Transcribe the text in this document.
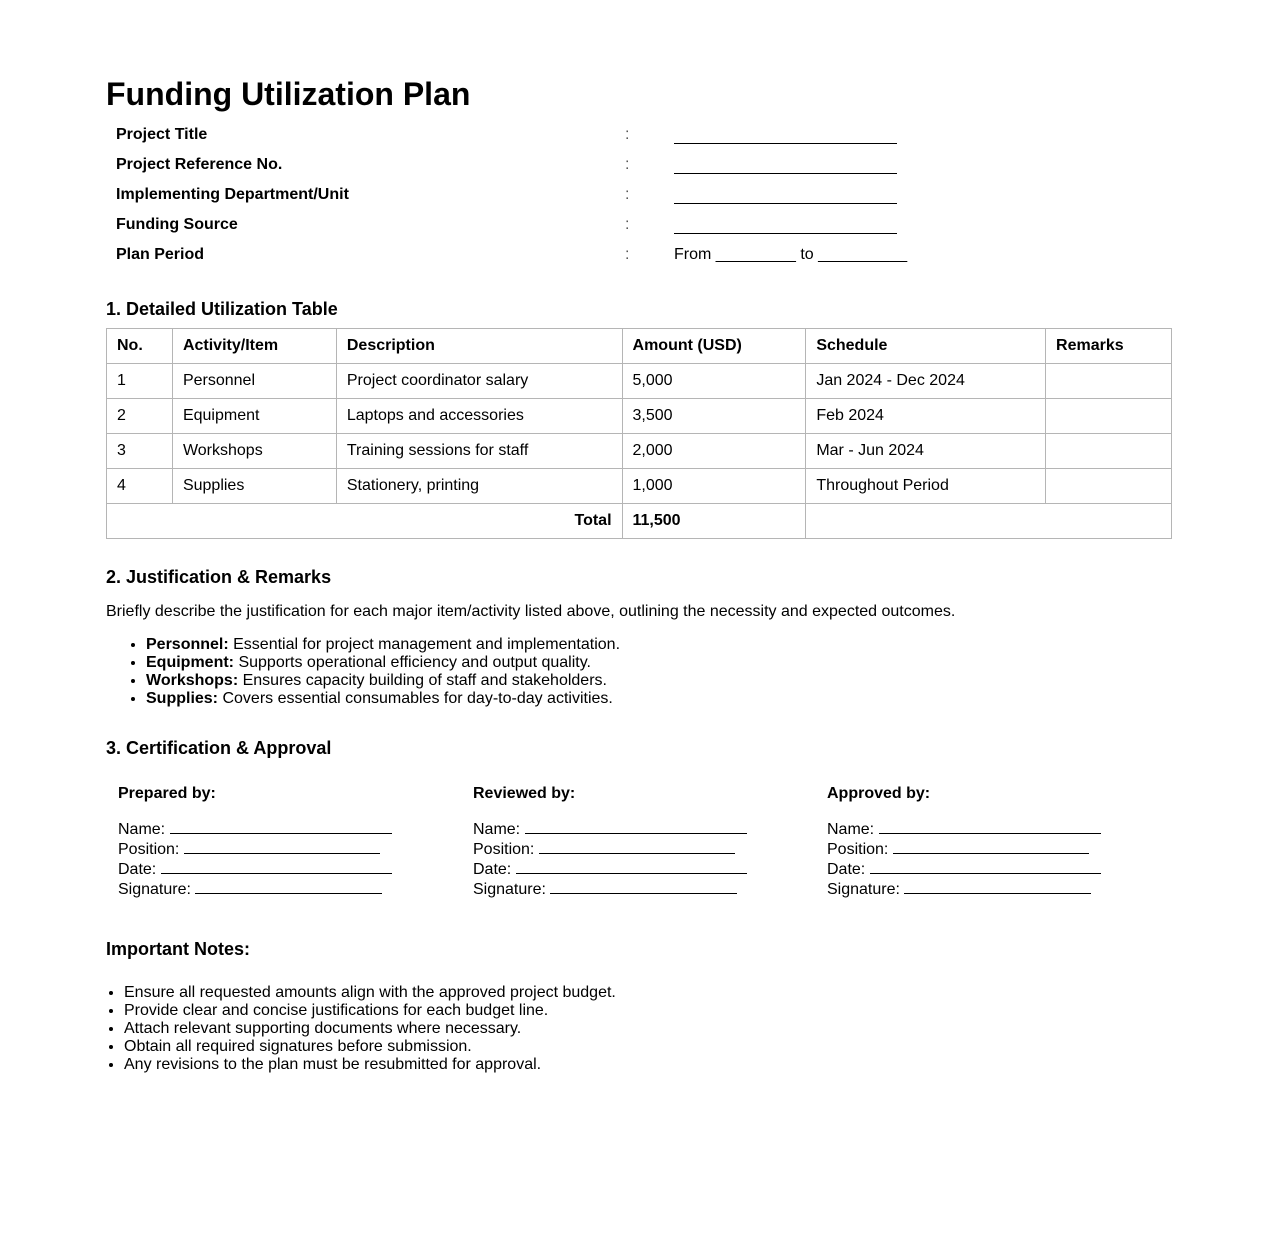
Funding Utilization Plan
Project Title	:
Project Reference No.	:
Implementing Department/Unit	:
Funding Source	:
Plan Period	:	From _________ to __________
1. Detailed Utilization Table
No.	Activity/Item	Description	Amount (USD)	Schedule	Remarks
1	Personnel	Project coordinator salary	5,000	Jan 2024 - Dec 2024	
2	Equipment	Laptops and accessories	3,500	Feb 2024	
3	Workshops	Training sessions for staff	2,000	Mar - Jun 2024	
4	Supplies	Stationery, printing	1,000	Throughout Period	
Total			11,500		
2. Justification & Remarks
Briefly describe the justification for each major item/activity listed above, outlining the necessity and expected outcomes.
• Personnel: Essential for project management and implementation.
• Equipment: Supports operational efficiency and output quality.
• Workshops: Ensures capacity building of staff and stakeholders.
• Supplies: Covers essential consumables for day-to-day activities.
3. Certification & Approval

Prepared by:

Name:
Position:
Date:
Signature:

Reviewed by:

Name:
Position:
Date:
Signature:

Approved by:

Name:
Position:
Date:
Signature:
Important Notes:
• Ensure all requested amounts align with the approved project budget.
• Provide clear and concise justifications for each budget line.
• Attach relevant supporting documents where necessary.
• Obtain all required signatures before submission.
• Any revisions to the plan must be resubmitted for approval.
